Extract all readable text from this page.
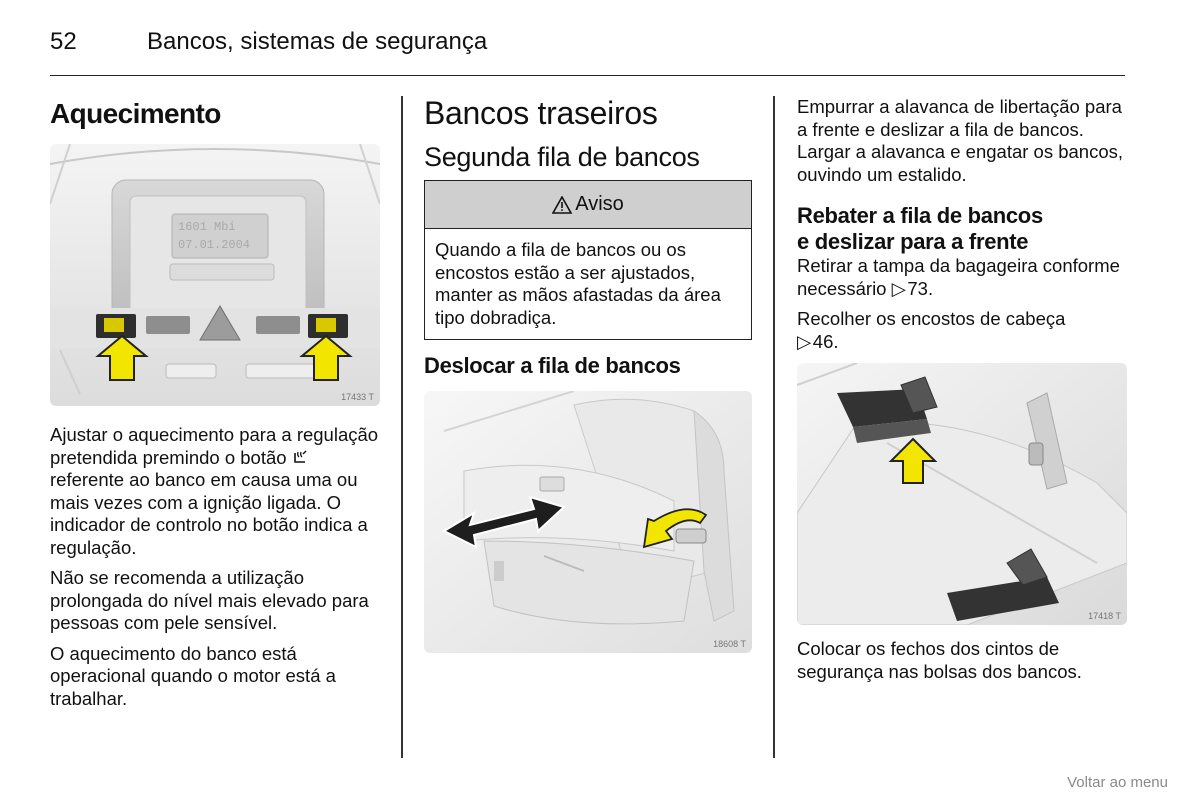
52	Bancos, sistemas de segurança
Aquecimento
1601 Mbi
07.01.2004
17433 T

Ajustar o aquecimento para a regulação pretendida premindo o botão  referente ao banco em causa uma ou mais vezes com a ignição ligada. O indicador de controlo no botão indica a regulação.

Não se recomenda a utilização prolongada do nível mais elevado para pessoas com pele sensível.

O aquecimento do banco está operacional quando o motor está a trabalhar.

Bancos traseiros
Segunda fila de bancos
Aviso

Quando a fila de bancos ou os encostos estão a ser ajustados, manter as mãos afastadas da área tipo dobradiça.

Deslocar a fila de bancos
18608 T

Empurrar a alavanca de libertação para a frente e deslizar a fila de bancos. Largar a alavanca e engatar os bancos, ouvindo um estalido.

Rebater a fila de bancos
e deslizar para a frente

Retirar a tampa da bagageira conforme necessário ▷ 73.

Recolher os encostos de cabeça
▷ 46.

17418 T

Colocar os fechos dos cintos de segurança nas bolsas dos bancos.

Voltar ao menu
